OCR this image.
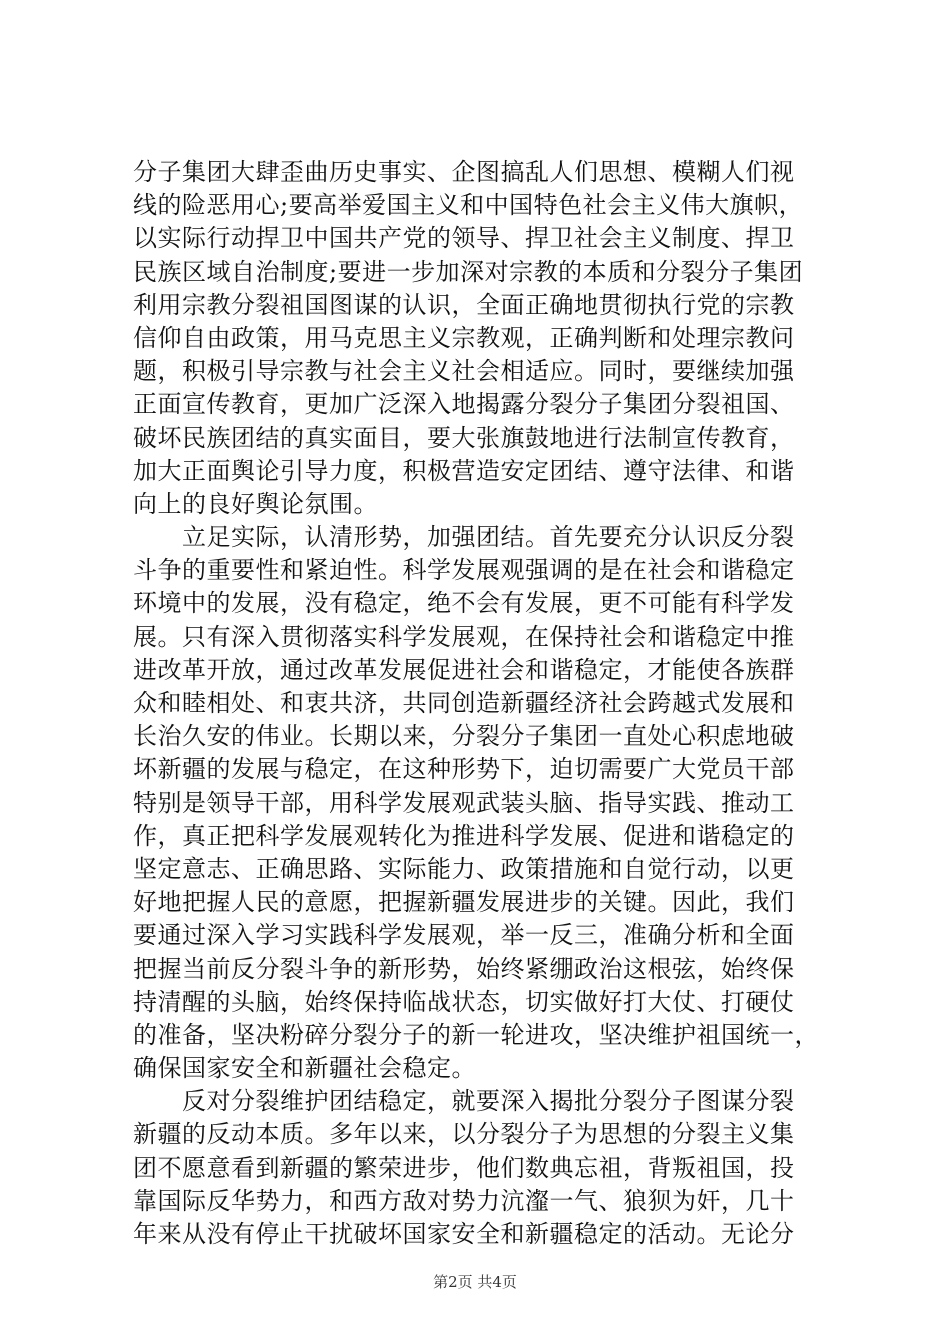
分子集团大肆歪曲历史事实、企图搞乱人们思想、模糊人们视
线的险恶用心;要高举爱国主义和中国特色社会主义伟大旗帜，
以实际行动捍卫中国共产党的领导、捍卫社会主义制度、捍卫
民族区域自治制度;要进一步加深对宗教的本质和分裂分子集团
利用宗教分裂祖国图谋的认识，全面正确地贯彻执行党的宗教
信仰自由政策，用马克思主义宗教观，正确判断和处理宗教问
题，积极引导宗教与社会主义社会相适应。同时，要继续加强
正面宣传教育，更加广泛深入地揭露分裂分子集团分裂祖国、
破坏民族团结的真实面目，要大张旗鼓地进行法制宣传教育，
加大正面舆论引导力度，积极营造安定团结、遵守法律、和谐
向上的良好舆论氛围。
　　立足实际，认清形势，加强团结。首先要充分认识反分裂
斗争的重要性和紧迫性。科学发展观强调的是在社会和谐稳定
环境中的发展，没有稳定，绝不会有发展，更不可能有科学发
展。只有深入贯彻落实科学发展观，在保持社会和谐稳定中推
进改革开放，通过改革发展促进社会和谐稳定，才能使各族群
众和睦相处、和衷共济，共同创造新疆经济社会跨越式发展和
长治久安的伟业。长期以来，分裂分子集团一直处心积虑地破
坏新疆的发展与稳定，在这种形势下，迫切需要广大党员干部
特别是领导干部，用科学发展观武装头脑、指导实践、推动工
作，真正把科学发展观转化为推进科学发展、促进和谐稳定的
坚定意志、正确思路、实际能力、政策措施和自觉行动，以更
好地把握人民的意愿，把握新疆发展进步的关键。因此，我们
要通过深入学习实践科学发展观，举一反三，准确分析和全面
把握当前反分裂斗争的新形势，始终紧绷政治这根弦，始终保
持清醒的头脑，始终保持临战状态，切实做好打大仗、打硬仗
的准备，坚决粉碎分裂分子的新一轮进攻，坚决维护祖国统一，
确保国家安全和新疆社会稳定。
　　反对分裂维护团结稳定，就要深入揭批分裂分子图谋分裂
新疆的反动本质。多年以来，以分裂分子为思想的分裂主义集
团不愿意看到新疆的繁荣进步，他们数典忘祖，背叛祖国，投
靠国际反华势力，和西方敌对势力沆瀣一气、狼狈为奸，几十
年来从没有停止干扰破坏国家安全和新疆稳定的活动。无论分
第2页 共4页
